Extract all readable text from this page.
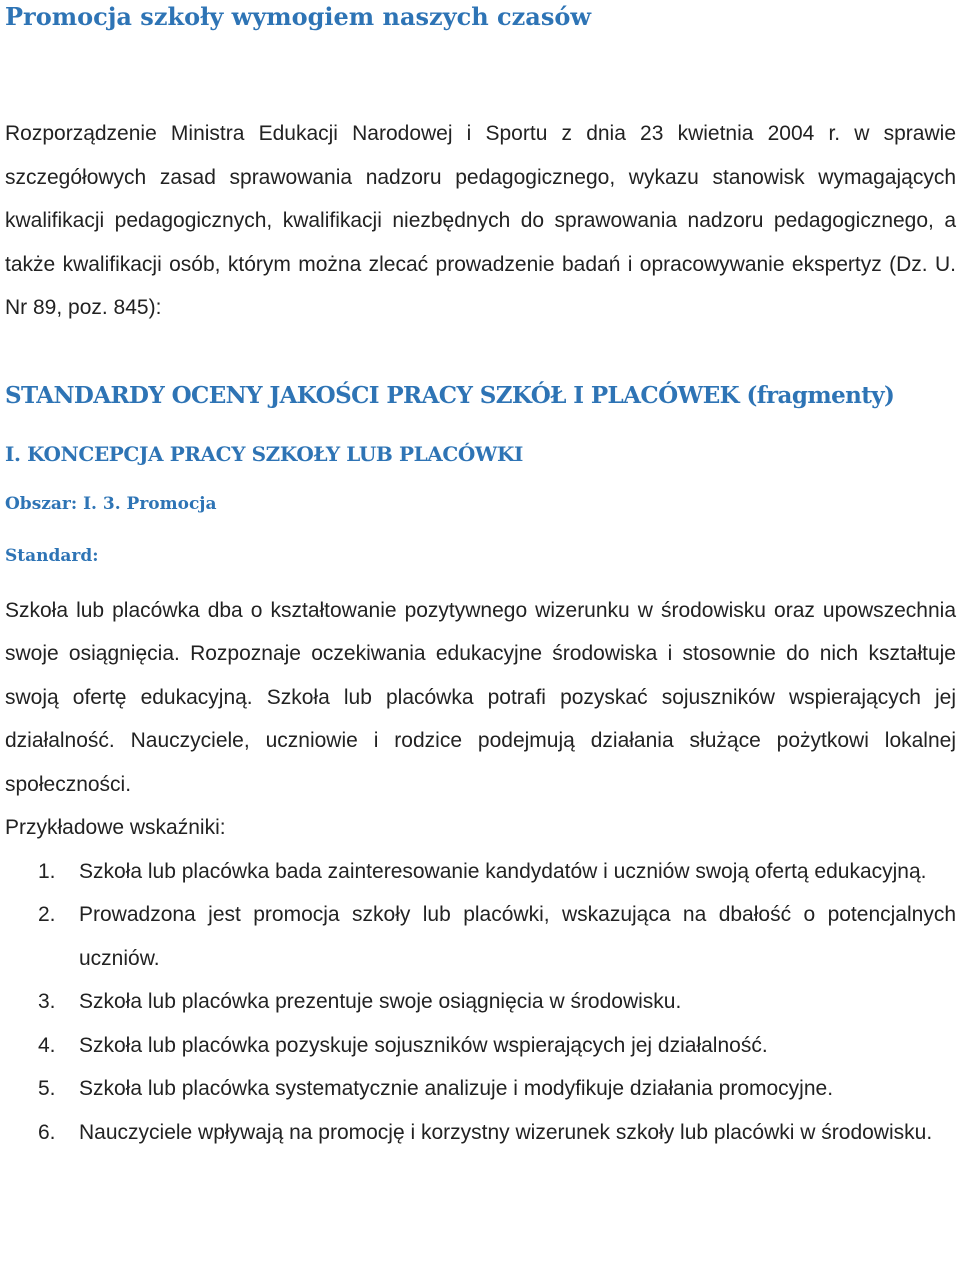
Promocja szkoły wymogiem naszych czasów

Rozporządzenie Ministra Edukacji Narodowej i Sportu z dnia 23 kwietnia 2004 r. w sprawie szczegółowych zasad sprawowania nadzoru pedagogicznego, wykazu stanowisk wymagających kwalifikacji pedagogicznych, kwalifikacji niezbędnych do sprawowania nadzoru pedagogicznego, a także kwalifikacji osób, którym można zlecać prowadzenie badań i opracowywanie ekspertyz (Dz. U. Nr 89, poz. 845):

STANDARDY OCENY JAKOŚCI PRACY SZKÓŁ I PLACÓWEK (fragmenty)
I. KONCEPCJA PRACY SZKOŁY LUB PLACÓWKI
Obszar: I. 3. Promocja
Standard:

Szkoła lub placówka dba o kształtowanie pozytywnego wizerunku w środowisku oraz upowszechnia swoje osiągnięcia. Rozpoznaje oczekiwania edukacyjne środowiska i stosownie do nich kształtuje swoją ofertę edukacyjną. Szkoła lub placówka potrafi pozyskać sojuszników wspierających jej działalność. Nauczyciele, uczniowie i rodzice podejmują działania służące pożytkowi lokalnej społeczności.

Przykładowe wskaźniki:

1. Szkoła lub placówka bada zainteresowanie kandydatów i uczniów swoją ofertą edukacyjną.
2. Prowadzona jest promocja szkoły lub placówki, wskazująca na dbałość o potencjalnych uczniów.
3. Szkoła lub placówka prezentuje swoje osiągnięcia w środowisku.
4. Szkoła lub placówka pozyskuje sojuszników wspierających jej działalność.
5. Szkoła lub placówka systematycznie analizuje i modyfikuje działania promocyjne.
6. Nauczyciele wpływają na promocję i korzystny wizerunek szkoły lub placówki w środowisku.
